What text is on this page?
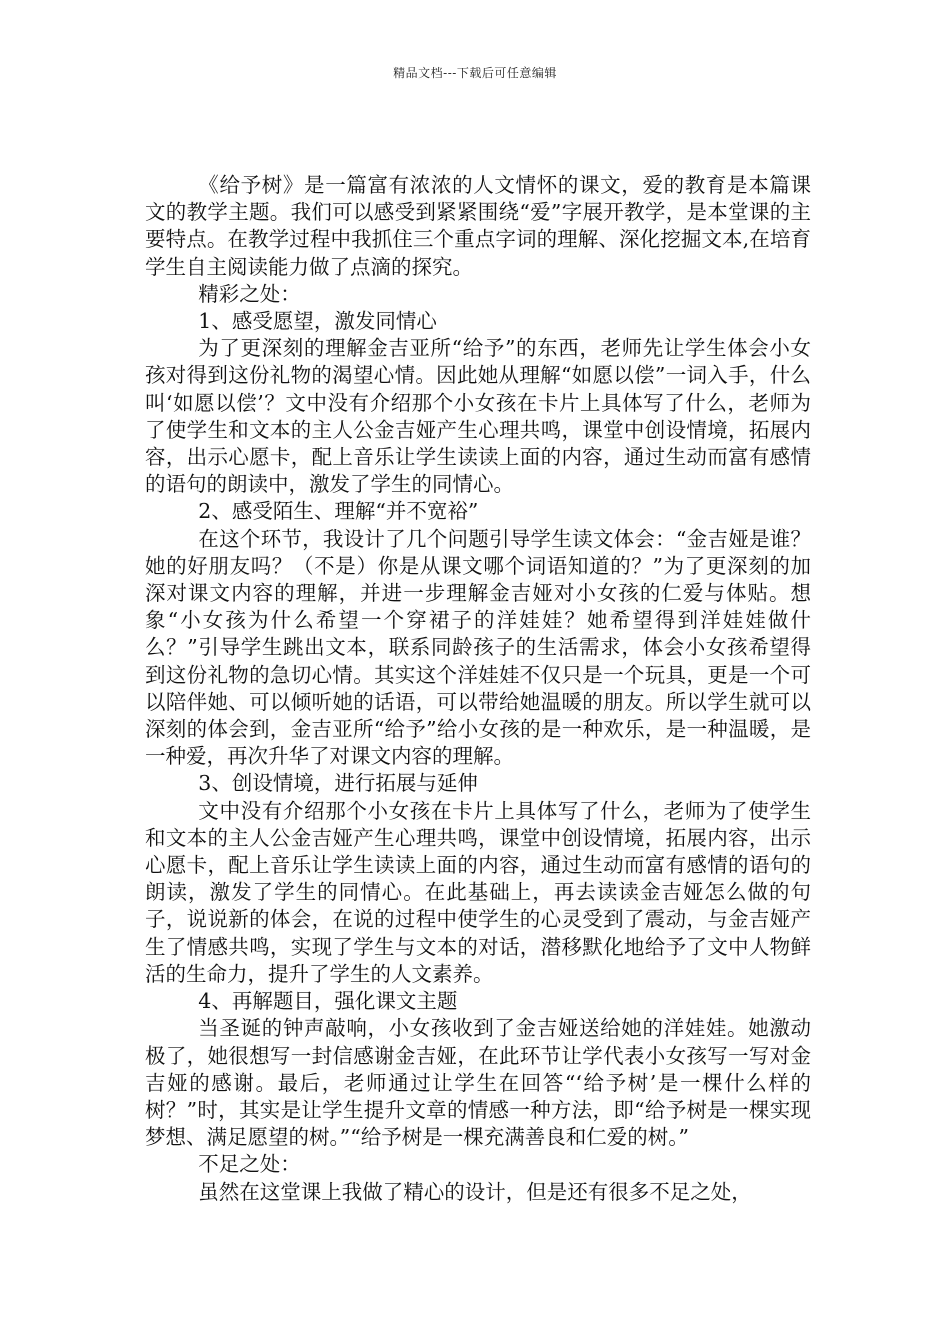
精品文档---下载后可任意编辑

《给予树》是一篇富有浓浓的人文情怀的课文，爱的教育是本篇课文的教学主题。我们可以感受到紧紧围绕“爱”字展开教学，是本堂课的主要特点。在教学过程中我抓住三个重点字词的理解、深化挖掘文本,在培育学生自主阅读能力做了点滴的探究。

精彩之处：

1、感受愿望，激发同情心

为了更深刻的理解金吉亚所“给予”的东西，老师先让学生体会小女孩对得到这份礼物的渴望心情。因此她从理解“如愿以偿”一词入手，什么叫‘如愿以偿’？文中没有介绍那个小女孩在卡片上具体写了什么，老师为了使学生和文本的主人公金吉娅产生心理共鸣，课堂中创设情境，拓展内容，出示心愿卡，配上音乐让学生读读上面的内容，通过生动而富有感情的语句的朗读中，激发了学生的同情心。

2、感受陌生、理解“并不宽裕”

在这个环节，我设计了几个问题引导学生读文体会：“金吉娅是谁？她的好朋友吗？（不是）你是从课文哪个词语知道的？”为了更深刻的加深对课文内容的理解，并进一步理解金吉娅对小女孩的仁爱与体贴。想象“小女孩为什么希望一个穿裙子的洋娃娃？她希望得到洋娃娃做什么？”引导学生跳出文本，联系同龄孩子的生活需求，体会小女孩希望得到这份礼物的急切心情。其实这个洋娃娃不仅只是一个玩具，更是一个可以陪伴她、可以倾听她的话语，可以带给她温暖的朋友。所以学生就可以深刻的体会到，金吉亚所“给予”给小女孩的是一种欢乐，是一种温暖，是一种爱，再次升华了对课文内容的理解。

3、创设情境，进行拓展与延伸

文中没有介绍那个小女孩在卡片上具体写了什么，老师为了使学生和文本的主人公金吉娅产生心理共鸣，课堂中创设情境，拓展内容，出示心愿卡，配上音乐让学生读读上面的内容，通过生动而富有感情的语句的朗读，激发了学生的同情心。在此基础上，再去读读金吉娅怎么做的句子，说说新的体会，在说的过程中使学生的心灵受到了震动，与金吉娅产生了情感共鸣，实现了学生与文本的对话，潜移默化地给予了文中人物鲜活的生命力，提升了学生的人文素养。

4、再解题目，强化课文主题

当圣诞的钟声敲响，小女孩收到了金吉娅送给她的洋娃娃。她激动极了，她很想写一封信感谢金吉娅，在此环节让学代表小女孩写一写对金吉娅的感谢。最后，老师通过让学生在回答“‘给予树’是一棵什么样的树？”时，其实是让学生提升文章的情感一种方法，即“给予树是一棵实现梦想、满足愿望的树。”“给予树是一棵充满善良和仁爱的树。”

不足之处：

虽然在这堂课上我做了精心的设计，但是还有很多不足之处，
